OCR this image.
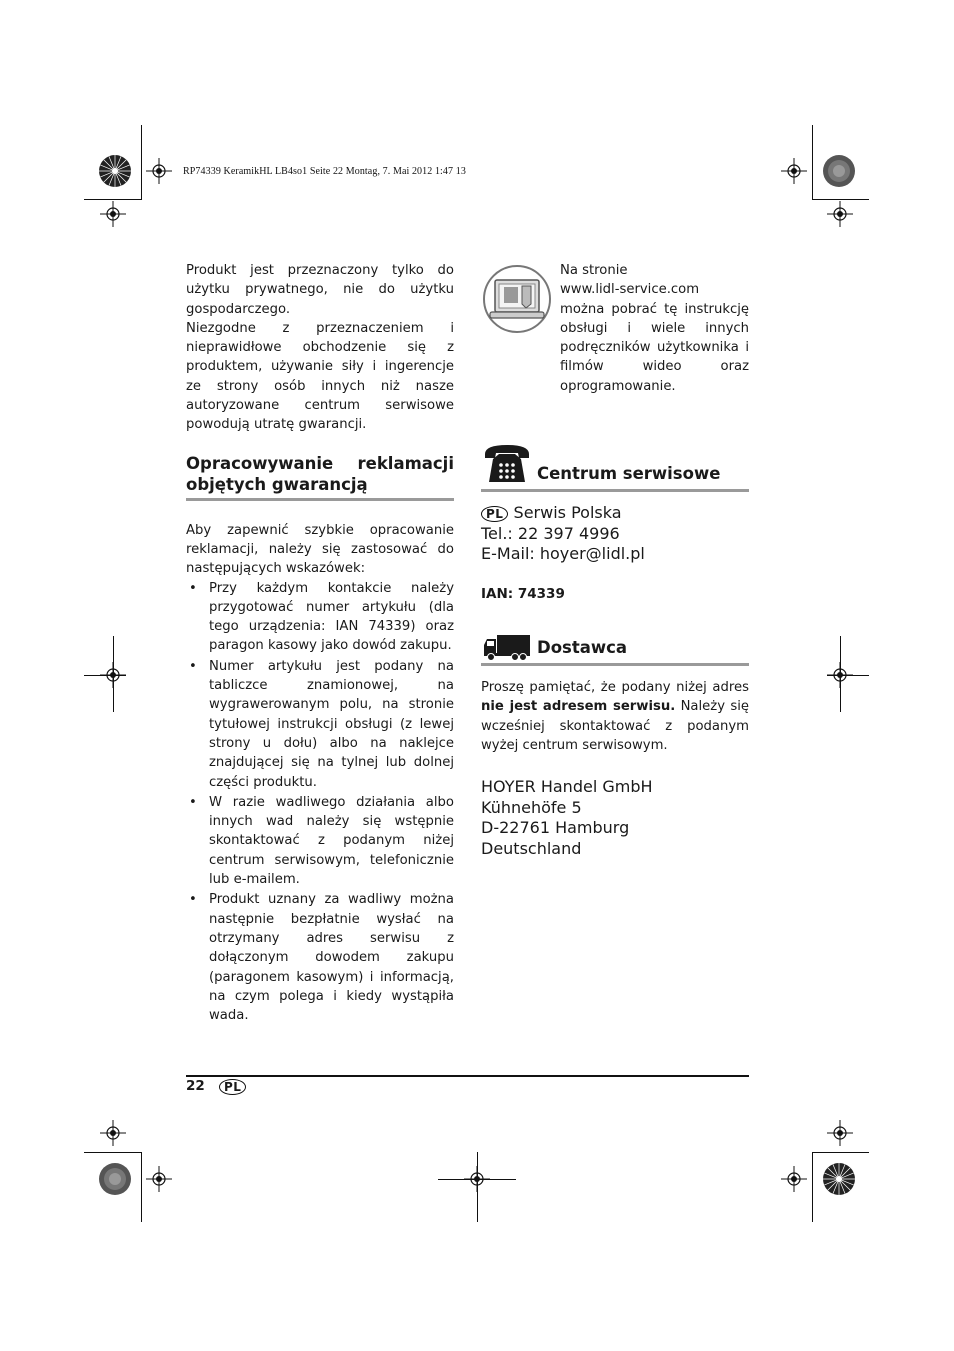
RP74339 KeramikHL LB4so1 Seite 22 Montag, 7. Mai 2012 1:47 13

Produkt jest przeznaczony tylko do użytku prywatnego, nie do użytku gospodarczego.

Niezgodne z przeznaczeniem i nieprawidłowe obchodzenie się z produktem, używanie siły i ingerencje ze strony osób innych niż nasze autoryzowane centrum serwisowe powodują utratę gwarancji.

Opracowywanie reklamacji objętych gwarancją

Aby zapewnić szybkie opracowanie reklamacji, należy się zastosować do następujących wskazówek:

• Przy każdym kontakcie należy przygotować numer artykułu (dla tego urządzenia: IAN 74339) oraz paragon kasowy jako dowód zakupu.
• Numer artykułu jest podany na tabliczce znamionowej, na wygrawerowanym polu, na stronie tytułowej instrukcji obsługi (z lewej strony u dołu) albo na naklejce znajdującej się na tylnej lub dolnej części produktu.
• W razie wadliwego działania albo innych wad należy się wstępnie skontaktować z podanym niżej centrum serwisowym, telefonicznie lub e-mailem.
• Produkt uznany za wadliwy można następnie bezpłatnie wysłać na otrzymany adres serwisu z dołączonym dowodem zakupu (paragonem kasowym) i informacją, na czym polega i kiedy wystąpiła wada.
Na stronie
www.lidl-service.com
można pobrać tę instrukcję obsługi i wiele innych podręczników użytkownika i filmów wideo oraz oprogramowanie.
Centrum serwisowe
PL Serwis Polska
Tel.: 22 397 4996
E-Mail: hoyer@lidl.pl
IAN: 74339
Dostawca
Proszę pamiętać, że podany niżej adres nie jest adresem serwisu. Należy się wcześniej skontaktować z podanym wyżej centrum serwisowym.
HOYER Handel GmbH
Kühnehöfe 5
D-22761 Hamburg
Deutschland
22	PL
